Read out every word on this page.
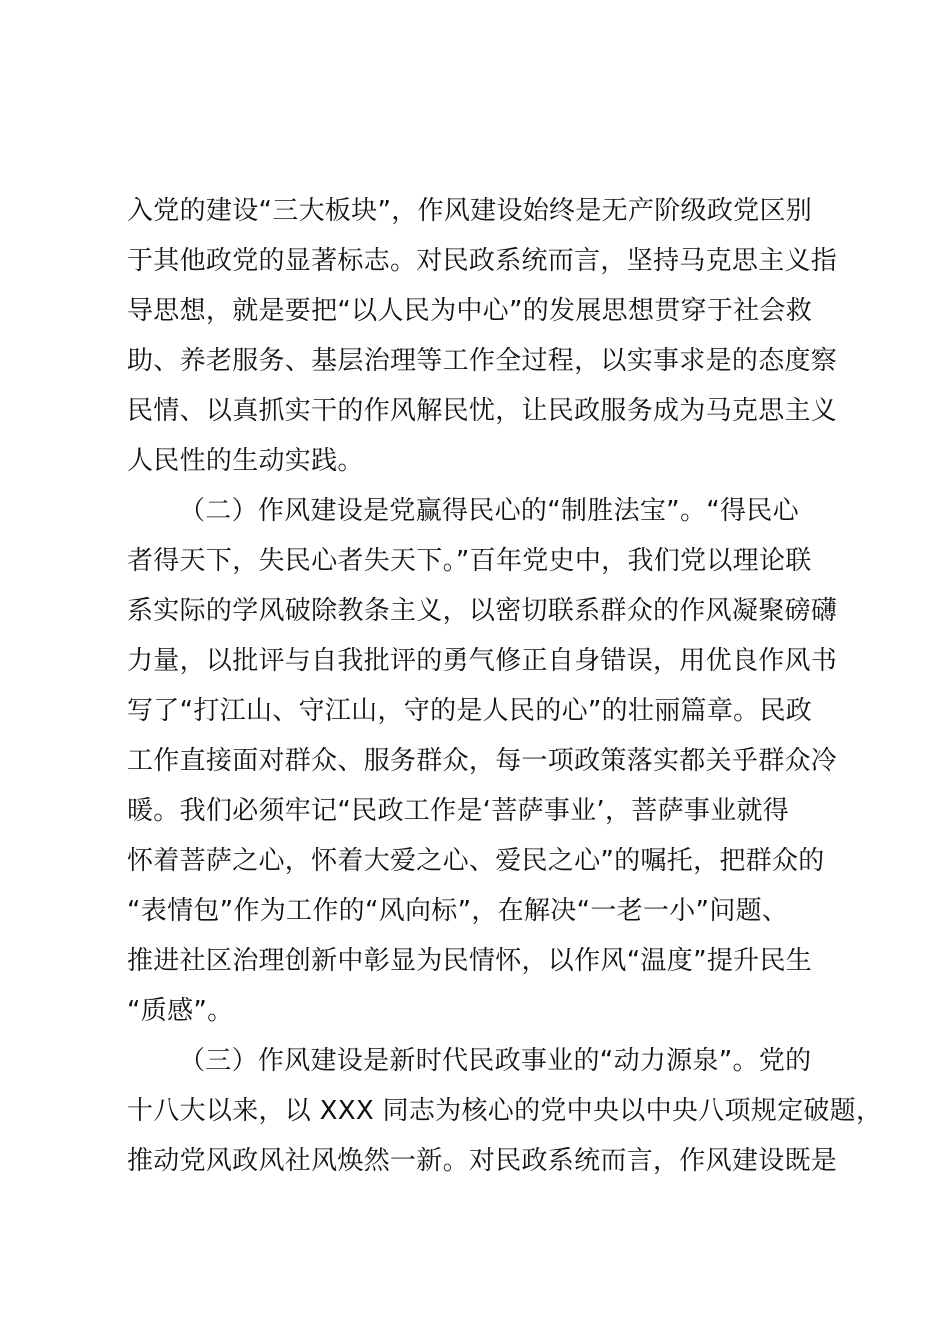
入党的建设“三大板块”，作风建设始终是无产阶级政党区别
于其他政党的显著标志。对民政系统而言，坚持马克思主义指
导思想，就是要把“以人民为中心”的发展思想贯穿于社会救
助、养老服务、基层治理等工作全过程，以实事求是的态度察
民情、以真抓实干的作风解民忧，让民政服务成为马克思主义
人民性的生动实践。
（二）作风建设是党赢得民心的“制胜法宝”。“得民心
者得天下，失民心者失天下。”百年党史中，我们党以理论联
系实际的学风破除教条主义，以密切联系群众的作风凝聚磅礴
力量，以批评与自我批评的勇气修正自身错误，用优良作风书
写了“打江山、守江山，守的是人民的心”的壮丽篇章。民政
工作直接面对群众、服务群众，每一项政策落实都关乎群众冷
暖。我们必须牢记“民政工作是‘菩萨事业’，菩萨事业就得
怀着菩萨之心，怀着大爱之心、爱民之心”的嘱托，把群众的
“表情包”作为工作的“风向标”，在解决“一老一小”问题、
推进社区治理创新中彰显为民情怀，以作风“温度”提升民生
“质感”。
（三）作风建设是新时代民政事业的“动力源泉”。党的
十八大以来，以 XXX 同志为核心的党中央以中央八项规定破题，
推动党风政风社风焕然一新。对民政系统而言，作风建设既是
